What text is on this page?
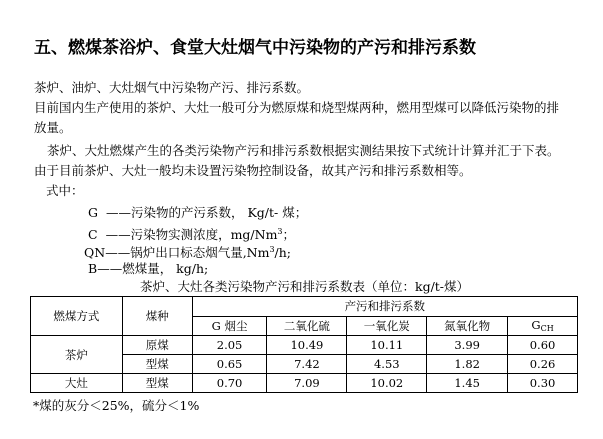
五、燃煤茶浴炉、食堂大灶烟气中污染物的产污和排污系数
茶炉、油炉、大灶烟气中污染物产污、排污系数。
目前国内生产使用的茶炉、大灶一般可分为燃原煤和烧型煤两种，燃用型煤可以降低污染物的排
放量。
茶炉、大灶燃煤产生的各类污染物产污和排污系数根据实测结果按下式统计计算并汇于下表。
由于目前茶炉、大灶一般均未设置污染物控制设备，故其产污和排污系数相等。
式中：
G ——污染物的产污系数， Kg/t- 煤；
C ——污染物实测浓度，mg/Nm$^3$；
QN——锅炉出口标态烟气量,Nm$^3$/h;
B——燃煤量， kg/h;
茶炉、大灶各类污染物产污和排污系数表（单位：kg/t-煤）
燃煤方式	煤种	产污和排污系数				
		G 烟尘	二氧化硫	一氧化炭	氮氧化物	$G_{CH}$
茶炉	原煤	2.05	10.49	10.11	3.99	0.60
	型煤	0.65	7.42	4.53	1.82	0.26
大灶	型煤	0.70	7.09	10.02	1.45	0.30
*煤的灰分＜25%，硫分＜1%
